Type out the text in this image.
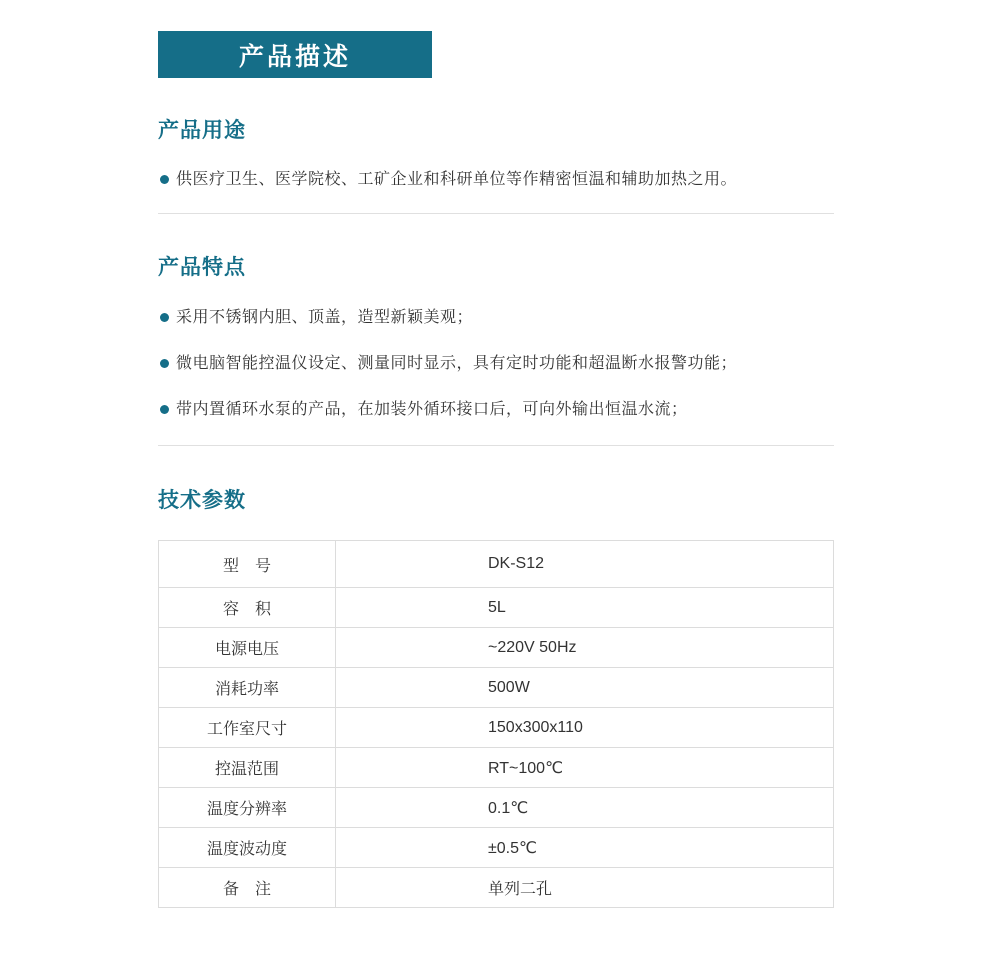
产品描述
产品用途
供医疗卫生、医学院校、工矿企业和科研单位等作精密恒温和辅助加热之用。
产品特点
采用不锈钢内胆、顶盖，造型新颖美观；
微电脑智能控温仪设定、测量同时显示，具有定时功能和超温断水报警功能；
带内置循环水泵的产品，在加装外循环接口后，可向外输出恒温水流；
技术参数
型　号	DK-S12
容　积	5L
电源电压	~220V 50Hz
消耗功率	500W
工作室尺寸	150x300x110
控温范围	RT~100℃
温度分辨率	0.1℃
温度波动度	±0.5℃
备　注	单列二孔
